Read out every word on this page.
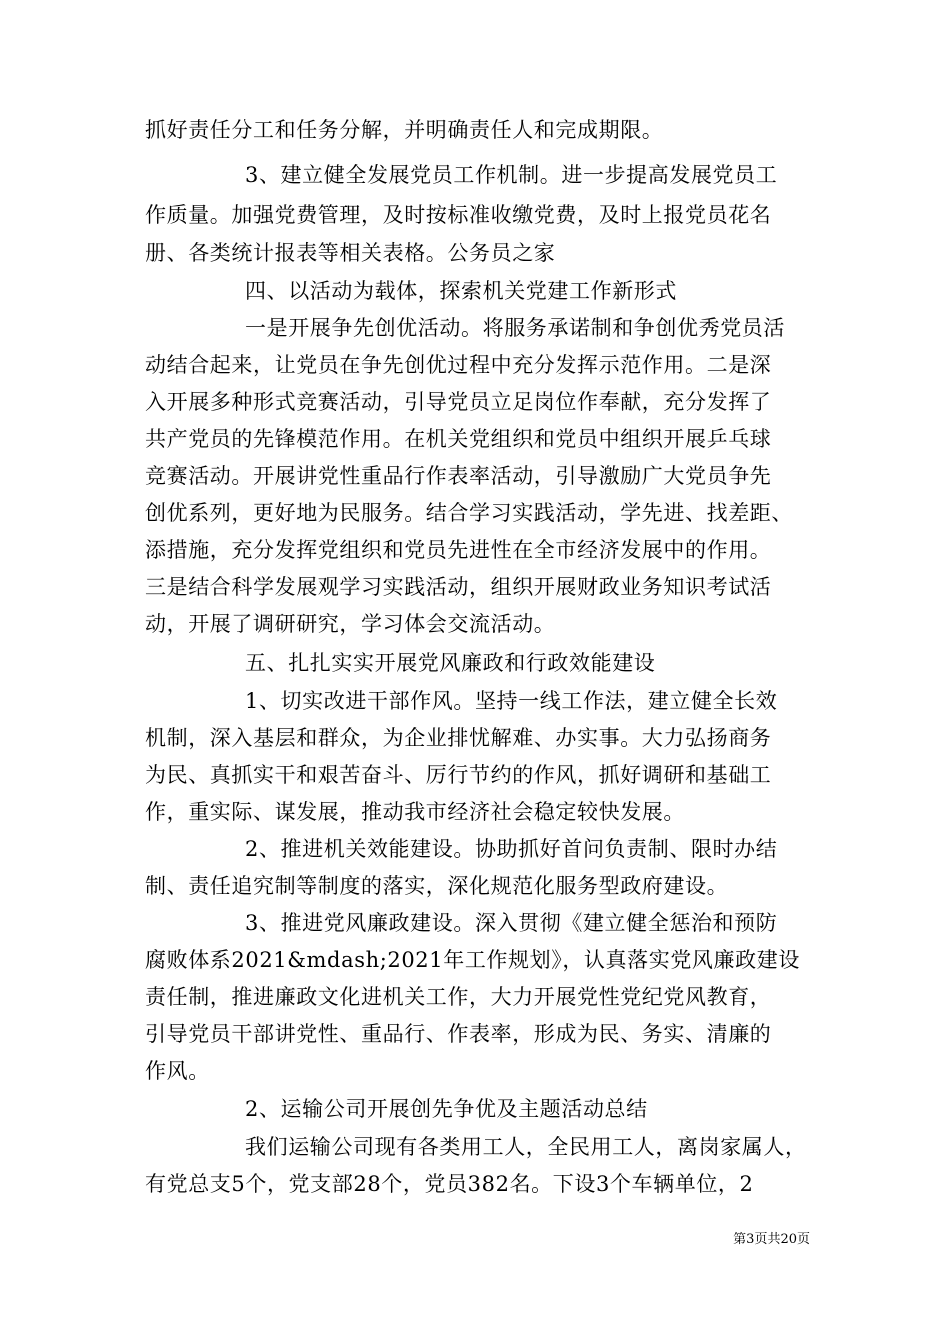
抓好责任分工和任务分解，并明确责任人和完成期限。
3、建立健全发展党员工作机制。进一步提高发展党员工
作质量。加强党费管理，及时按标准收缴党费，及时上报党员花名
册、各类统计报表等相关表格。公务员之家
四、以活动为载体，探索机关党建工作新形式
一是开展争先创优活动。将服务承诺制和争创优秀党员活
动结合起来，让党员在争先创优过程中充分发挥示范作用。二是深
入开展多种形式竞赛活动，引导党员立足岗位作奉献，充分发挥了
共产党员的先锋模范作用。在机关党组织和党员中组织开展乒乓球
竞赛活动。开展讲党性重品行作表率活动，引导激励广大党员争先
创优系列，更好地为民服务。结合学习实践活动，学先进、找差距、
添措施，充分发挥党组织和党员先进性在全市经济发展中的作用。
三是结合科学发展观学习实践活动，组织开展财政业务知识考试活
动，开展了调研研究，学习体会交流活动。
五、扎扎实实开展党风廉政和行政效能建设
1、切实改进干部作风。坚持一线工作法，建立健全长效
机制，深入基层和群众，为企业排忧解难、办实事。大力弘扬商务
为民、真抓实干和艰苦奋斗、厉行节约的作风，抓好调研和基础工
作，重实际、谋发展，推动我市经济社会稳定较快发展。
2、推进机关效能建设。协助抓好首问负责制、限时办结
制、责任追究制等制度的落实，深化规范化服务型政府建设。
3、推进党风廉政建设。深入贯彻《建立健全惩治和预防
腐败体系2021&mdash;2021年工作规划》，认真落实党风廉政建设
责任制，推进廉政文化进机关工作，大力开展党性党纪党风教育，
引导党员干部讲党性、重品行、作表率，形成为民、务实、清廉的
作风。
2、运输公司开展创先争优及主题活动总结
我们运输公司现有各类用工人，全民用工人，离岗家属人，
有党总支5个，党支部28个，党员382名。下设3个车辆单位，2
第3页共20页
